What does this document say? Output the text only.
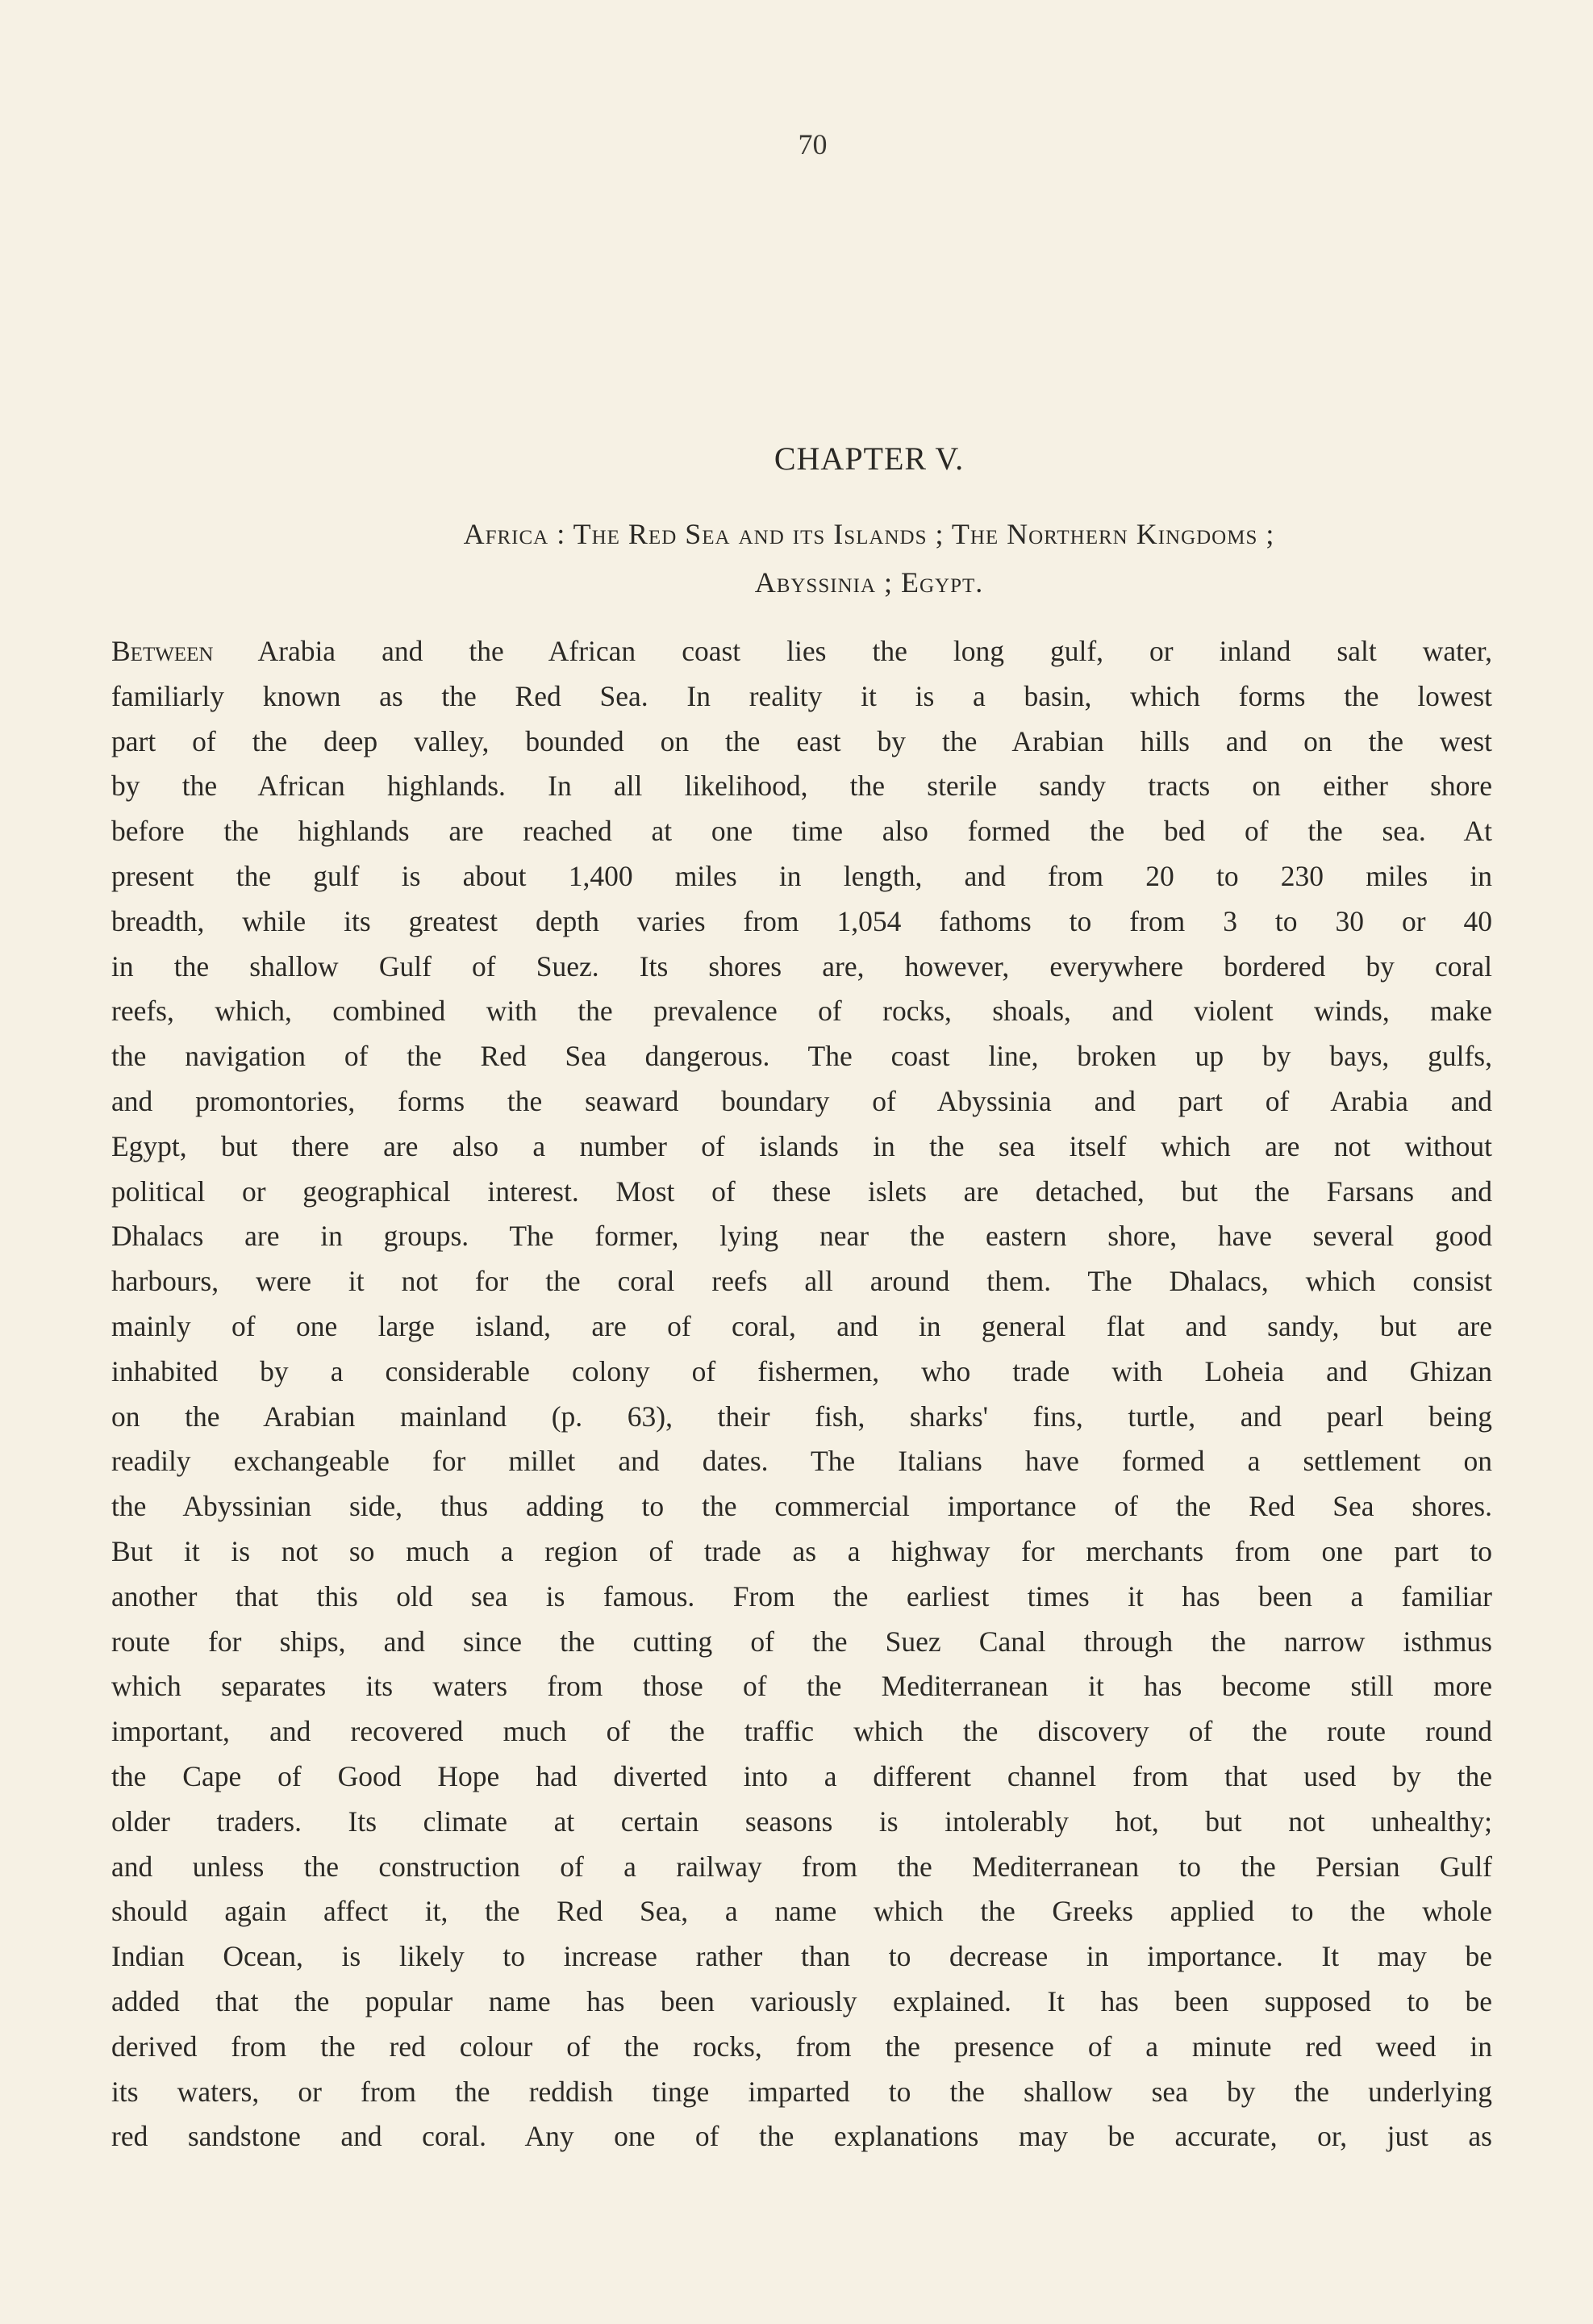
70
CHAPTER V.
Africa : The Red Sea and its Islands ; The Northern Kingdoms ;
Abyssinia ; Egypt.
Between Arabia and the African coast lies the long gulf, or inland salt water,
familiarly known as the Red Sea. In reality it is a basin, which forms the lowest
part of the deep valley, bounded on the east by the Arabian hills and on the west
by the African highlands. In all likelihood, the sterile sandy tracts on either shore
before the highlands are reached at one time also formed the bed of the sea. At
present the gulf is about 1,400 miles in length, and from 20 to 230 miles in
breadth, while its greatest depth varies from 1,054 fathoms to from 3 to 30 or 40
in the shallow Gulf of Suez. Its shores are, however, everywhere bordered by coral
reefs, which, combined with the prevalence of rocks, shoals, and violent winds, make
the navigation of the Red Sea dangerous. The coast line, broken up by bays, gulfs,
and promontories, forms the seaward boundary of Abyssinia and part of Arabia and
Egypt, but there are also a number of islands in the sea itself which are not without
political or geographical interest. Most of these islets are detached, but the Farsans and
Dhalacs are in groups. The former, lying near the eastern shore, have several good
harbours, were it not for the coral reefs all around them. The Dhalacs, which consist
mainly of one large island, are of coral, and in general flat and sandy, but are
inhabited by a considerable colony of fishermen, who trade with Loheia and Ghizan
on the Arabian mainland (p. 63), their fish, sharks' fins, turtle, and pearl being
readily exchangeable for millet and dates. The Italians have formed a settlement on
the Abyssinian side, thus adding to the commercial importance of the Red Sea shores.
But it is not so much a region of trade as a highway for merchants from one part to
another that this old sea is famous. From the earliest times it has been a familiar
route for ships, and since the cutting of the Suez Canal through the narrow isthmus
which separates its waters from those of the Mediterranean it has become still more
important, and recovered much of the traffic which the discovery of the route round
the Cape of Good Hope had diverted into a different channel from that used by the
older traders. Its climate at certain seasons is intolerably hot, but not unhealthy;
and unless the construction of a railway from the Mediterranean to the Persian Gulf
should again affect it, the Red Sea, a name which the Greeks applied to the whole
Indian Ocean, is likely to increase rather than to decrease in importance. It may be
added that the popular name has been variously explained. It has been supposed to be
derived from the red colour of the rocks, from the presence of a minute red weed in
its waters, or from the reddish tinge imparted to the shallow sea by the underlying
red sandstone and coral. Any one of the explanations may be accurate, or, just as
